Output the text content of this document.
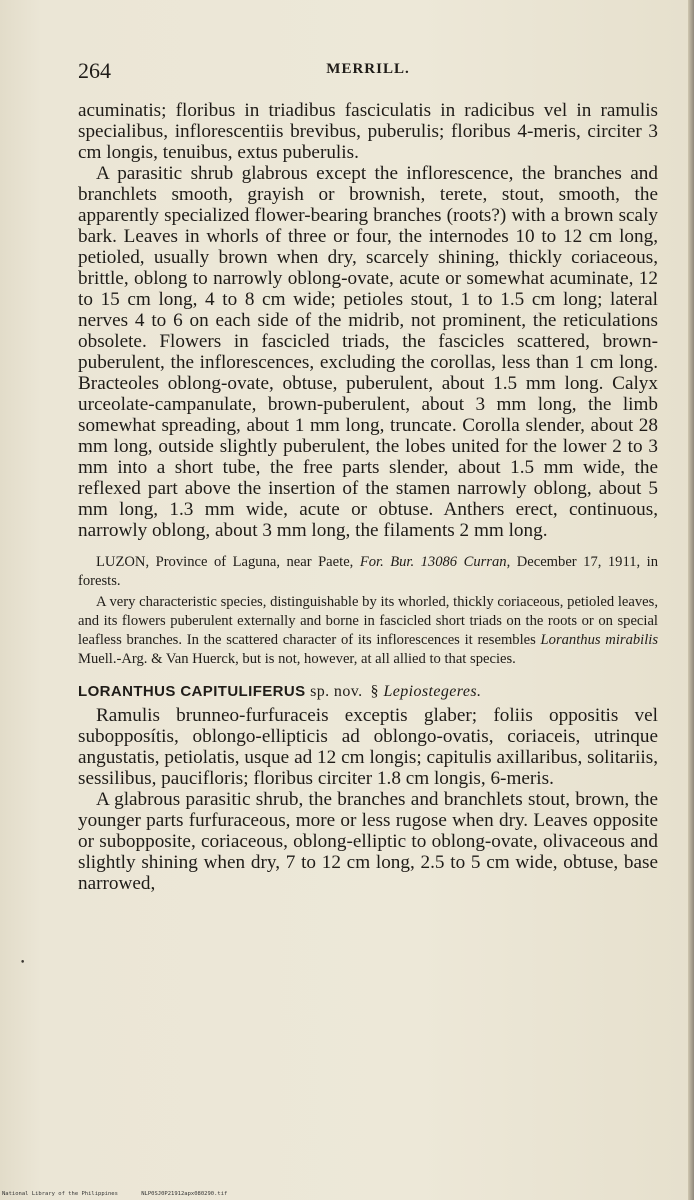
264	MERRILL.

acuminatis; floribus in triadibus fasciculatis in radicibus vel in ramulis specialibus, inflorescentiis brevibus, puberulis; floribus 4-meris, circiter 3 cm longis, tenuibus, extus puberulis.

A parasitic shrub glabrous except the inflorescence, the branches and branchlets smooth, grayish or brownish, terete, stout, smooth, the apparently specialized flower-bearing branches (roots?) with a brown scaly bark. Leaves in whorls of three or four, the internodes 10 to 12 cm long, petioled, usually brown when dry, scarcely shining, thickly coriaceous, brittle, oblong to narrowly oblong-ovate, acute or somewhat acuminate, 12 to 15 cm long, 4 to 8 cm wide; petioles stout, 1 to 1.5 cm long; lateral nerves 4 to 6 on each side of the midrib, not prominent, the reticulations obsolete. Flowers in fascicled triads, the fascicles scattered, brown-puberulent, the inflorescences, excluding the corollas, less than 1 cm long. Bracteoles oblong-ovate, obtuse, puberulent, about 1.5 mm long. Calyx urceolate-campanulate, brown-puberulent, about 3 mm long, the limb somewhat spreading, about 1 mm long, truncate. Corolla slender, about 28 mm long, outside slightly puberulent, the lobes united for the lower 2 to 3 mm into a short tube, the free parts slender, about 1.5 mm wide, the reflexed part above the insertion of the stamen narrowly oblong, about 5 mm long, 1.3 mm wide, acute or obtuse. Anthers erect, continuous, narrowly oblong, about 3 mm long, the filaments 2 mm long.

LUZON, Province of Laguna, near Paete, For. Bur. 13086 Curran, December 17, 1911, in forests.

A very characteristic species, distinguishable by its whorled, thickly coriaceous, petioled leaves, and its flowers puberulent externally and borne in fascicled short triads on the roots or on special leafless branches. In the scattered character of its inflorescences it resembles Loranthus mirabilis Muell.-Arg. & Van Huerck, but is not, however, at all allied to that species.

LORANTHUS CAPITULIFERUS sp. nov. § Lepiostegeres.

Ramulis brunneo-furfuraceis exceptis glaber; foliis oppositis vel subopposítis, oblongo-ellipticis ad oblongo-ovatis, coriaceis, utrinque angustatis, petiolatis, usque ad 12 cm longis; capitulis axillaribus, solitariis, sessilibus, paucifloris; floribus circiter 1.8 cm longis, 6-meris.

A glabrous parasitic shrub, the branches and branchlets stout, brown, the younger parts furfuraceous, more or less rugose when dry. Leaves opposite or subopposite, coriaceous, oblong-elliptic to oblong-ovate, olivaceous and slightly shining when dry, 7 to 12 cm long, 2.5 to 5 cm wide, obtuse, base narrowed,

•
National Library of the Philippines	NLP0SJ0P21912apx080290.tif
